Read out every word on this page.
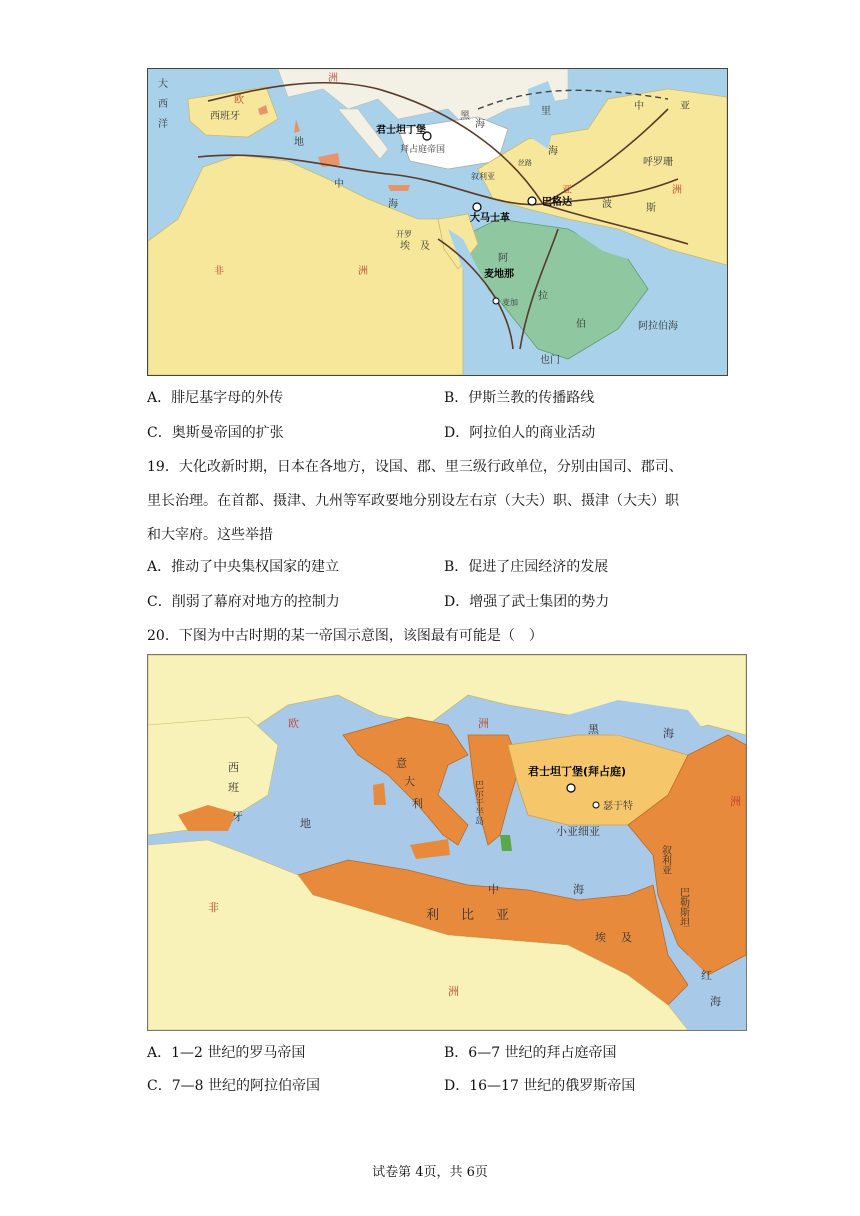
大
西
洋
欧
洲
西班牙
君士坦丁堡
拜占庭帝国
黑
海
里
海
中	亚
呼罗珊
巴格达
大马士革
叙利亚
波	斯
亚	洲
地
中
海
开罗
埃 及
非	洲
阿
麦地那
麦加
拉
伯
也门
阿拉伯海
丝路
A．腓尼基字母的外传	B．伊斯兰教的传播路线
C．奥斯曼帝国的扩张	D．阿拉伯人的商业活动
19．大化改新时期，日本在各地方，设国、郡、里三级行政单位，分别由国司、郡司、
里长治理。在首都、摄津、九州等军政要地分别设左右京（大夫）职、摄津（大夫）职
和大宰府。这些举措
A．推动了中央集权国家的建立	B．促进了庄园经济的发展
C．削弱了幕府对地方的控制力	D．增强了武士集团的势力
20．下图为中古时期的某一帝国示意图，该图最有可能是（　）
欧	洲
西
班
牙
意
大
利	巴尔干半岛
黑	海
君士坦丁堡(拜占庭)
瑟于特
小亚细亚
叙利亚
巴勒斯坦
洲
地
中	海
非
洲
利比亚
埃 及
红
海
A．1—2 世纪的罗马帝国	B．6—7 世纪的拜占庭帝国
C．7—8 世纪的阿拉伯帝国	D．16—17 世纪的俄罗斯帝国
试卷第 4页，共 6页
